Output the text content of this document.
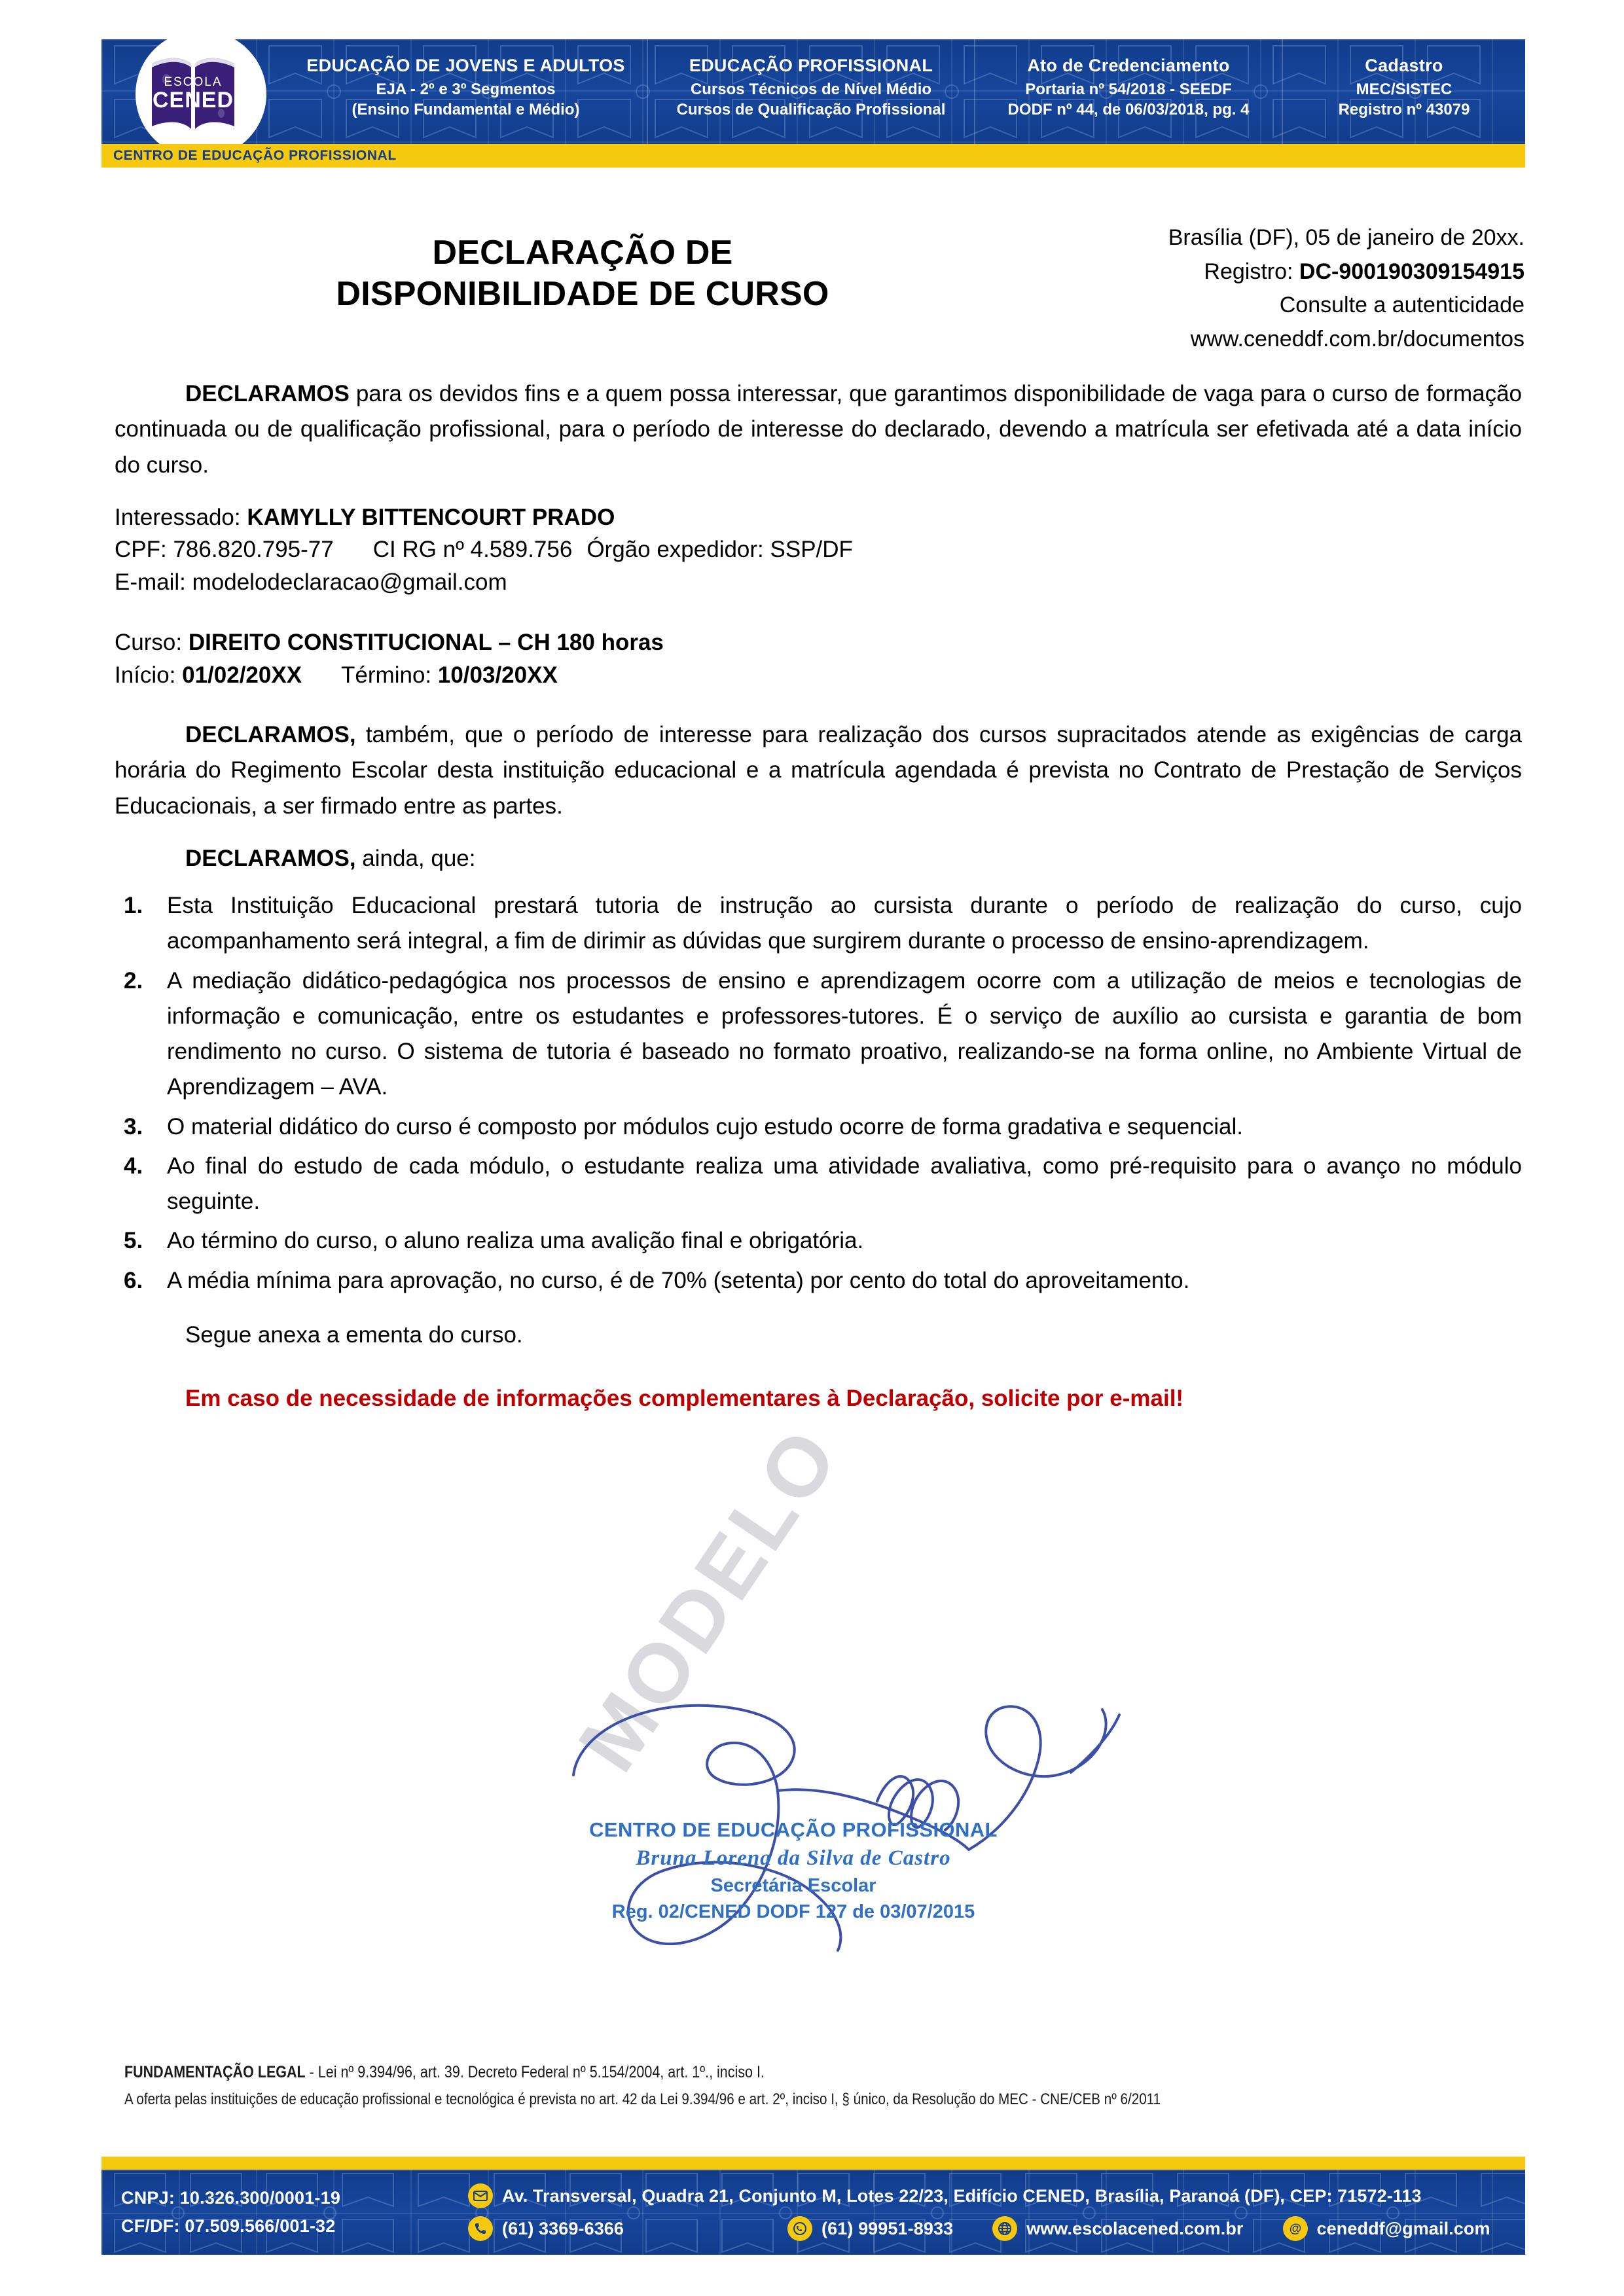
ESCOLA
CENED
EDUCAÇÃO DE JOVENS E ADULTOS
EJA - 2º e 3º Segmentos
(Ensino Fundamental e Médio)
EDUCAÇÃO PROFISSIONAL
Cursos Técnicos de Nível Médio
Cursos de Qualificação Profissional
Ato de Credenciamento
Portaria nº 54/2018 - SEEDF
DODF nº 44, de 06/03/2018, pg. 4
Cadastro
MEC/SISTEC
Registro nº 43079
CENTRO DE EDUCAÇÃO PROFISSIONAL
DECLARAÇÃO DE
DISPONIBILIDADE DE CURSO
Brasília (DF), 05 de janeiro de 20xx.
Registro: DC-900190309154915
Consulte a autenticidade
www.ceneddf.com.br/documentos

DECLARAMOS para os devidos fins e a quem possa interessar, que garantimos disponibilidade de vaga para o curso de formação continuada ou de qualificação profissional, para o período de interesse do declarado, devendo a matrícula ser efetivada até a data início do curso.

Interessado: KAMYLLY BITTENCOURT PRADO
CPF: 786.820.795-77 CI RG nº 4.589.756 Órgão expedidor: SSP/DF
E-mail: modelodeclaracao@gmail.com
Curso: DIREITO CONSTITUCIONAL – CH 180 horas
Início: 01/02/20XX Término: 10/03/20XX

DECLARAMOS, também, que o período de interesse para realização dos cursos supracitados atende as exigências de carga horária do Regimento Escolar desta instituição educacional e a matrícula agendada é prevista no Contrato de Prestação de Serviços Educacionais, a ser firmado entre as partes.

DECLARAMOS, ainda, que:

Esta Instituição Educacional prestará tutoria de instrução ao cursista durante o período de realização do curso, cujo acompanhamento será integral, a fim de dirimir as dúvidas que surgirem durante o processo de ensino-aprendizagem.
A mediação didático-pedagógica nos processos de ensino e aprendizagem ocorre com a utilização de meios e tecnologias de informação e comunicação, entre os estudantes e professores-tutores. É o serviço de auxílio ao cursista e garantia de bom rendimento no curso. O sistema de tutoria é baseado no formato proativo, realizando-se na forma online, no Ambiente Virtual de Aprendizagem – AVA.
O material didático do curso é composto por módulos cujo estudo ocorre de forma gradativa e sequencial.
Ao final do estudo de cada módulo, o estudante realiza uma atividade avaliativa, como pré-requisito para o avanço no módulo seguinte.
Ao término do curso, o aluno realiza uma avalição final e obrigatória.
A média mínima para aprovação, no curso, é de 70% (setenta) por cento do total do aproveitamento.
Segue anexa a ementa do curso.
Em caso de necessidade de informações complementares à Declaração, solicite por e-mail!
MODELO
CENTRO DE EDUCAÇÃO PROFISSIONAL
Bruna Lorena da Silva de Castro
Secretária Escolar
Reg. 02/CENED DODF 127 de 03/07/2015
FUNDAMENTAÇÃO LEGAL - Lei nº 9.394/96, art. 39. Decreto Federal nº 5.154/2004, art. 1º., inciso I.
A oferta pelas instituições de educação profissional e tecnológica é prevista no art. 42 da Lei 9.394/96 e art. 2º, inciso I, § único, da Resolução do MEC - CNE/CEB nº 6/2011
CNPJ: 10.326.300/0001-19
CF/DF: 07.509.566/001-32
Av. Transversal, Quadra 21, Conjunto M, Lotes 22/23, Edifício CENED, Brasília, Paranoá (DF), CEP: 71572-113
(61) 3369-6366	(61) 99951-8933	www.escolacened.com.br	@ ceneddf@gmail.com
